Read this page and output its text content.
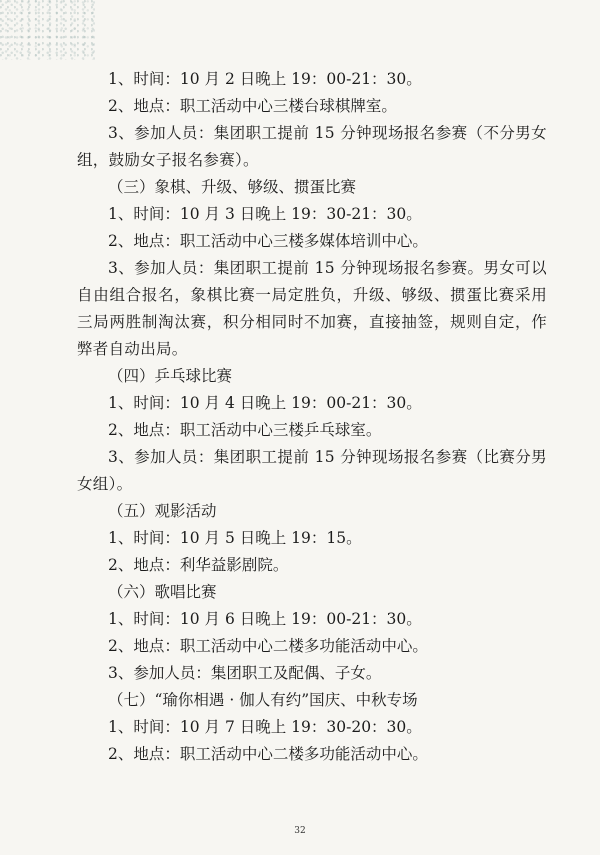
1、时间：10 月 2 日晚上 19：00-21：30。
2、地点：职工活动中心三楼台球棋牌室。
3、参加人员：集团职工提前 15 分钟现场报名参赛（不分男女组，鼓励女子报名参赛）。
（三）象棋、升级、够级、掼蛋比赛
1、时间：10 月 3 日晚上 19：30-21：30。
2、地点：职工活动中心三楼多媒体培训中心。
3、参加人员：集团职工提前 15 分钟现场报名参赛。男女可以自由组合报名，象棋比赛一局定胜负，升级、够级、掼蛋比赛采用三局两胜制淘汰赛，积分相同时不加赛，直接抽签，规则自定，作弊者自动出局。
（四）乒乓球比赛
1、时间：10 月 4 日晚上 19：00-21：30。
2、地点：职工活动中心三楼乒乓球室。
3、参加人员：集团职工提前 15 分钟现场报名参赛（比赛分男女组）。
（五）观影活动
1、时间：10 月 5 日晚上 19：15。
2、地点：利华益影剧院。
（六）歌唱比赛
1、时间：10 月 6 日晚上 19：00-21：30。
2、地点：职工活动中心二楼多功能活动中心。
3、参加人员：集团职工及配偶、子女。
（七）“瑜你相遇 · 伽人有约”国庆、中秋专场
1、时间：10 月 7 日晚上 19：30-20：30。
2、地点：职工活动中心二楼多功能活动中心。
32
